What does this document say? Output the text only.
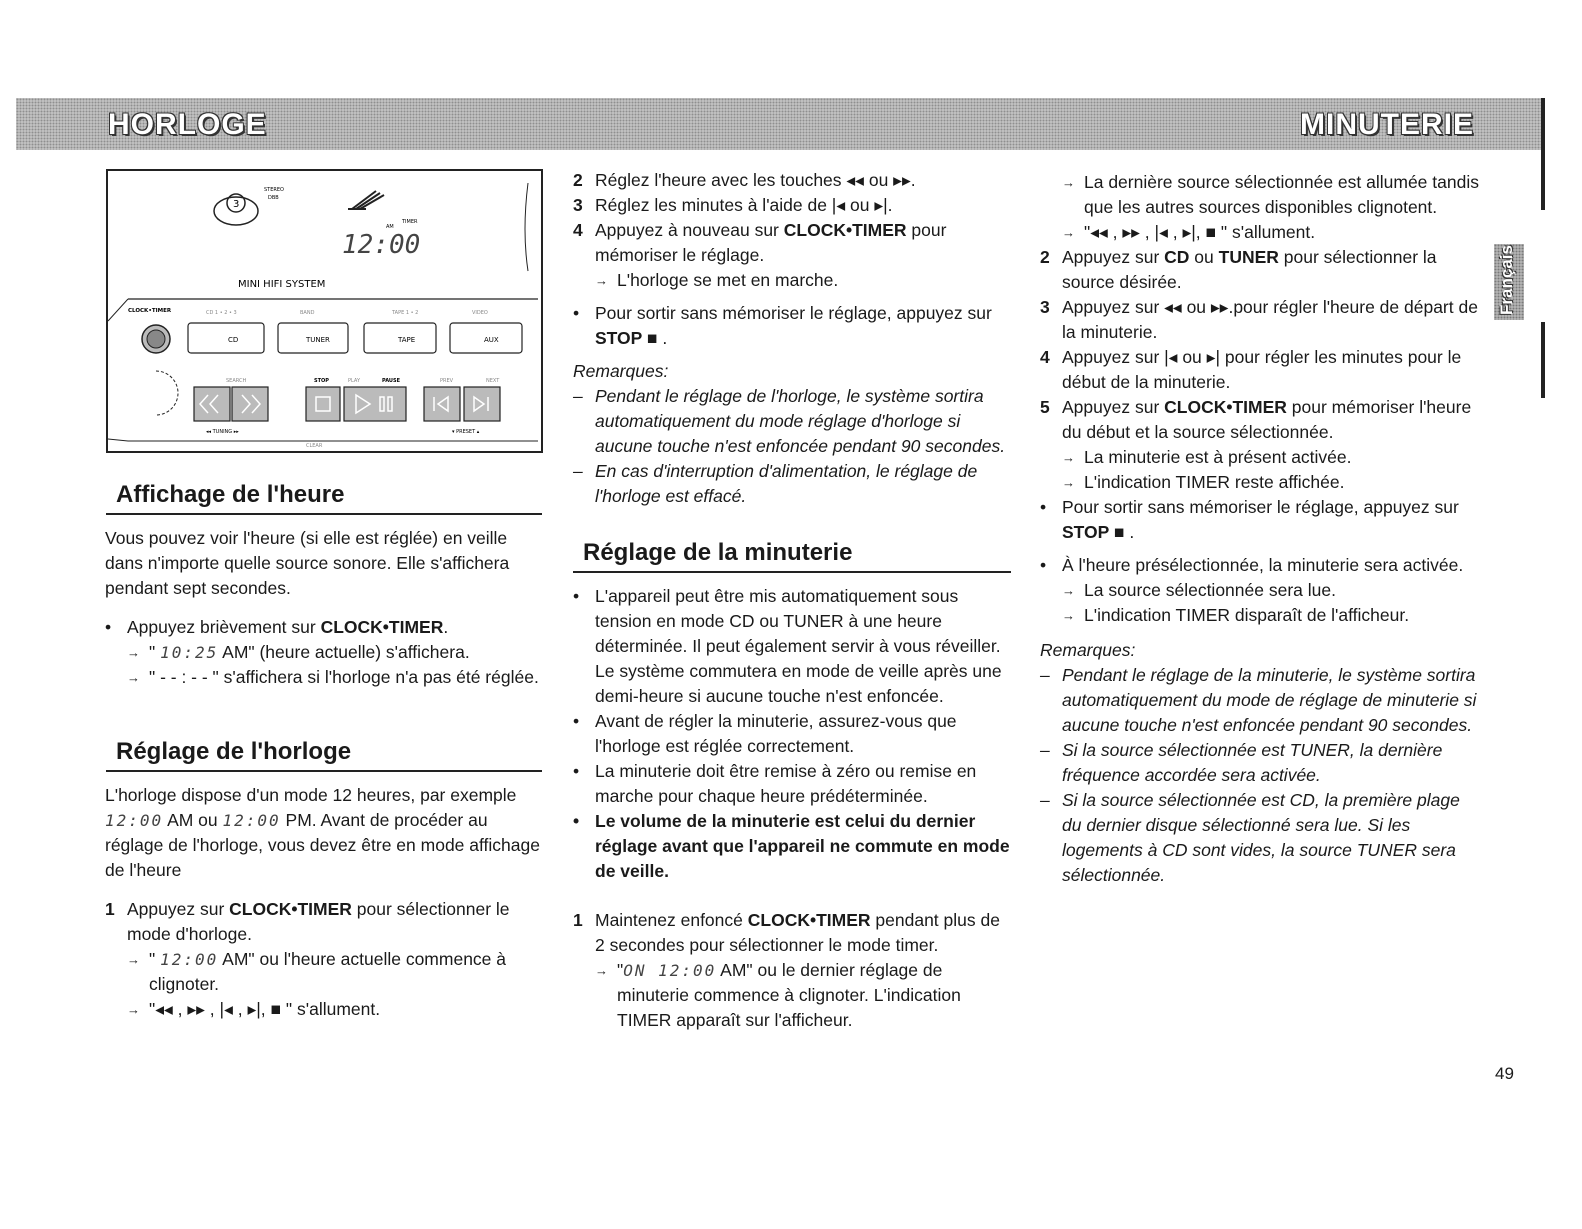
HORLOGE	MINUTERIE
Français
3
STEREO
DBB
TIMER
AM
12:00
MINI HIFI SYSTEM
CLOCK•TIMER	CD 1 • 2 • 3	BAND	TAPE 1 • 2	VIDEO
CD	TUNER	TAPE	AUX
SEARCH	STOP	PLAY	PAUSE	PREV	NEXT
◂◂ TUNING ▸▸
CLEAR
▾ PRESET ▴
Affichage de l'heure

Vous pouvez voir l'heure (si elle est réglée) en veille dans n'importe quelle source sonore. Elle s'affichera pendant sept secondes.

• Appuyez brièvement sur CLOCK•TIMER.
→ " 10:25 AM" (heure actuelle) s'affichera.
→ " - - : - - " s'affichera si l'horloge n'a pas été réglée.
Réglage de l'horloge

L'horloge dispose d'un mode 12 heures, par exemple 12:00 AM ou 12:00 PM. Avant de procéder au réglage de l'horloge, vous devez être en mode affichage de l'heure

1 Appuyez sur CLOCK•TIMER pour sélectionner le mode d'horloge.
→ " 12:00 AM" ou l'heure actuelle commence à clignoter.
→ "◂◂ , ▸▸ , |◂ , ▸|, ■ " s'allument.
2 Réglez l'heure avec les touches ◂◂ ou ▸▸.
3 Réglez les minutes à l'aide de |◂ ou ▸|.
4 Appuyez à nouveau sur CLOCK•TIMER pour mémoriser le réglage.
→ L'horloge se met en marche.
• Pour sortir sans mémoriser le réglage, appuyez sur
STOP ■ .

Remarques:

– Pendant le réglage de l'horloge, le système sortira automatiquement du mode réglage d'horloge si aucune touche n'est enfoncée pendant 90 secondes.
– En cas d'interruption d'alimentation, le réglage de l'horloge est effacé.
Réglage de la minuterie
• L'appareil peut être mis automatiquement sous tension en mode CD ou TUNER à une heure déterminée. Il peut également servir à vous réveiller. Le système commutera en mode de veille après une demi-heure si aucune touche n'est enfoncée.
• Avant de régler la minuterie, assurez-vous que l'horloge est réglée correctement.
• La minuterie doit être remise à zéro ou remise en marche pour chaque heure prédéterminée.
• Le volume de la minuterie est celui du dernier réglage avant que l'appareil ne commute en mode de veille.
1 Maintenez enfoncé CLOCK•TIMER pendant plus de 2 secondes pour sélectionner le mode timer.
→ "ON 12:00 AM" ou le dernier réglage de minuterie commence à clignoter. L'indication TIMER apparaît sur l'afficheur.
→ La dernière source sélectionnée est allumée tandis que les autres sources disponibles clignotent.
→ "◂◂ , ▸▸ , |◂ , ▸|, ■ " s'allument.
2 Appuyez sur CD ou TUNER pour sélectionner la source désirée.
3 Appuyez sur ◂◂ ou ▸▸.pour régler l'heure de départ de la minuterie.
4 Appuyez sur |◂ ou ▸| pour régler les minutes pour le début de la minuterie.
5 Appuyez sur CLOCK•TIMER pour mémoriser l'heure du début et la source sélectionnée.
→ La minuterie est à présent activée.
→ L'indication TIMER reste affichée.
• Pour sortir sans mémoriser le réglage, appuyez sur
STOP ■ .
• À l'heure présélectionnée, la minuterie sera activée.
→ La source sélectionnée sera lue.
→ L'indication TIMER disparaît de l'afficheur.

Remarques:

– Pendant le réglage de la minuterie, le système sortira automatiquement du mode de réglage de minuterie si aucune touche n'est enfoncée pendant 90 secondes.
– Si la source sélectionnée est TUNER, la dernière fréquence accordée sera activée.
– Si la source sélectionnée est CD, la première plage du dernier disque sélectionné sera lue. Si les logements à CD sont vides, la source TUNER sera sélectionnée.
49
